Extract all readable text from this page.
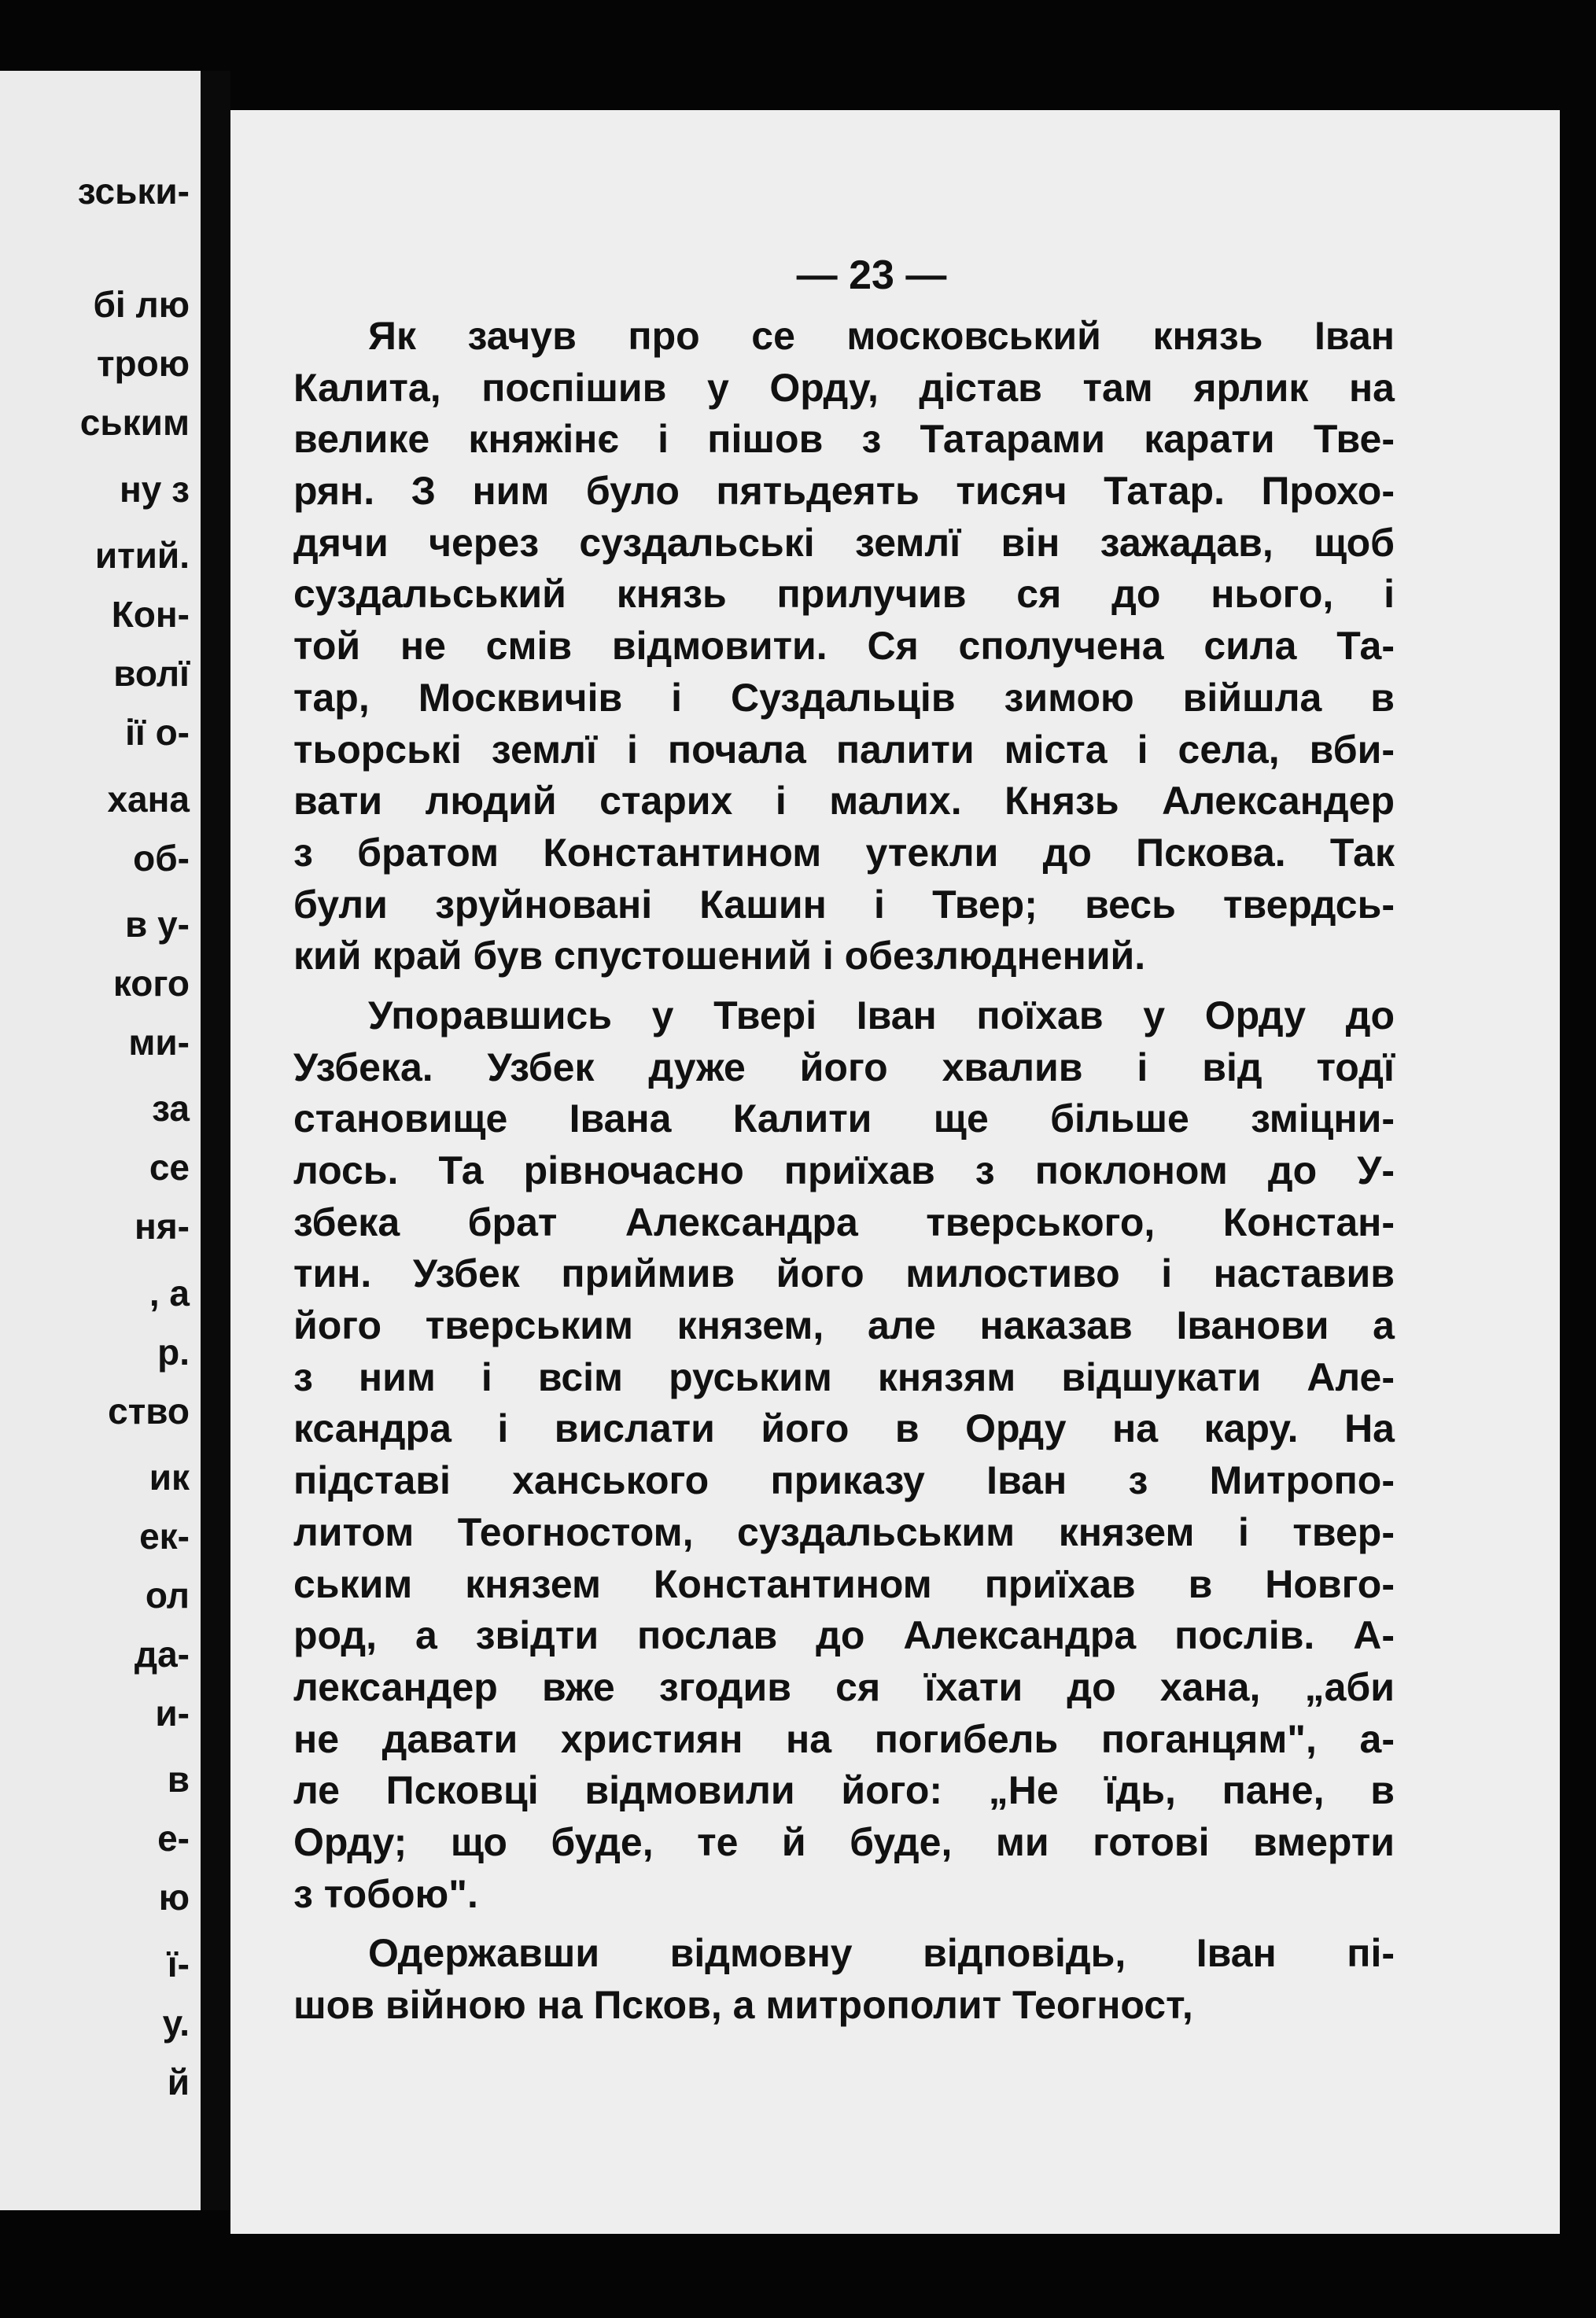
зськи-
бі лю
трою
ським
ну з
итий.
Кон-
волї
ії о-
хана
об-
в у-
кого
ми-
за
се
ня-
, а
р.
ство
ик
ек-
ол
да-
и-
в
е-
ю
ї-
у.
й
— 23 —
Як зачув про се московський князь Іван
Калита, поспішив у Орду, дістав там ярлик на
велике княжінє і пішов з Татарами карати Тве-
рян. З ним було пятьдеять тисяч Татар. Прохо-
дячи через суздальські землї він зажадав, щоб
суздальський князь прилучив ся до нього, і
той не смів відмовити. Ся сполучена сила Та-
тар, Москвичів і Суздальців зимою війшла в
тьорські землї і почала палити міста і села, вби-
вати людий старих і малих. Князь Александер
з братом Константином утекли до Пскова. Так
були зруйновані Кашин і Твер; весь твердсь-
кий край був спустошений і обезлюднений.
Упоравшись у Тверi Іван поїхав у Орду до
Узбека. Узбек дуже його хвалив і від тодї
становище Івана Калити ще більше зміцни-
лось. Та рівночасно приїхав з поклоном до У-
збека брат Александра тверського, Констан-
тин. Узбек приймив його милостиво і наставив
його тверським князем, але наказав Іванови а
з ним і всім руським князям відшукати Але-
ксандра і вислати його в Орду на кару. На
підставі ханського приказу Іван з Митропо-
литом Теогностом, суздальським князем і твер-
ським князем Константином приїхав в Новго-
род, а звідти послав до Александра послів. А-
лександер вже згодив ся їхати до хана, „аби
не давати християн на погибель поганцям", а-
ле Псковці відмовили його: „Не їдь, пане, в
Орду; що буде, те й буде, ми готові вмерти
з тобою".
Одержавши відмовну відповідь, Іван пі-
шов війною на Псков, а митрополит Теогност,
